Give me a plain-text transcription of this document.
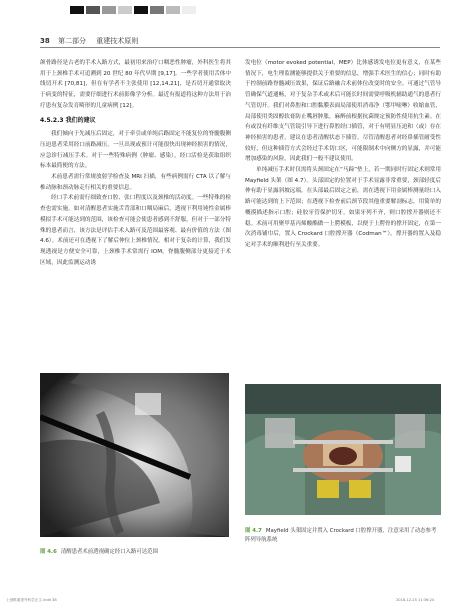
38 第二部分 重建技术原则

颌骨路径是古老的手术入路方式，最初用来治疗口咽恶性肿瘤，外科医生将其用于上颈椎手术可追溯到 20 世纪 80 年代早期 [9,17]。一些学者使用舌体中线切开术 [70,81]，但在有学者不主张使用 [12,14,21]，是否切开通常取决于病变的特征，需要仔细进行术前影像学分析。最近有报道将这种方法用于治疗患有复杂发育畸形的儿童病例 [12]。

4.5.2.3 我们的建议

我们倾向于先减压后固定，对于牵引或单纯后路固定不能复位的脊髓腹侧压迫患者采用经口前路减压。一旦出现或预计可能很快出现神经损害的情况，应急诊行减压手术。对于一些特殊病例（肿瘤、感染），经口活检是获取组织标本最简便的方法。

术前患者需行常规放射学检查及 MRI 扫描，有些病例需行 CTA 以了解与椎动脉和颈动脉走行相关的重要信息。

经口手术前需行细致查口腔、张口程度以及颈椎的活动度。一些特殊的检查也需实施，如对清醒患者实施舌背部和口咽局麻后，透视下利用钝性金属棒模拟手术可能达到的范围，该检查可能会使患者感到不舒服，但对于一部分特殊的患者而言，该方法是评估手术入路可及范围最客观、最有价值的方法（图 4.6）。术前还可在透视下了解后伸位上颈椎情况，相对于复杂的计算，我们发现透视是方便安全可靠，上颈椎手术常需行 IOM，脊髓腹侧部分更接近于术区域，因此监测运动诱

发电位（motor evoked potential，MEP）比体感诱发电位更有意义，在某些情况下，电生理监测能够提供关于重要的信息，增强手术医生的信心；同时有助于控制前路脊髓减压效果，保证后路融合术前体位改变时的安全。可通过气管导管确保气道通畅，对于复杂手术或术后可能长时间需要呼吸机辅助通气的患者行气管切开。我们对鼻腔和口腔黏膜表面局部使用消毒净（鄂甲嘧啉）收缩血管，局部使用类固醇软膏防止嘴唇肿胀，麻醉前根据抗菌规定预防性使用抗生素。在有或没有纤维支气管镜引导下进行鼻腔经口插管，对于有明显压迫和（或）存在神经损害的患者，建议在患者清醒状态下插管。尽管清醒患者对经鼻插管耐受性较好，但这种插管方式会经过手术切口区，可能限制术中向侧方的显露，并可能增加感染的风险，因此我们一般不建议使用。

单纯减压手术时仅需将头颈固定在“马蹄”垫上，若一期同时行固定术则常用 Mayfield 头架（图 4.7）。头部固定的位置对于手术显露非常重要，颈部轻度后伸有助于显露斜坡远端，在头部最后固定之前，需在透视下用金属棒测量经口入路可能达到的上下范围；在透视下检查前后颈节段其他重要解剖标志，用简单的概摸描述指示口腔；硅胶牙管保护切牙，如果牙列不齐，则口腔撑开器则还不稳。术前可用聚甲基丙烯酸酯做一上腭模板，以便于上腭骨的撑开固定，在第一次消毒铺巾后，置入 Crockard 口腔撑开器（Codman™），撑开器的置入及稳定对手术的顺利进行至关重要。

图 4.6 清醒患者术前透视确定经口入路可达范围
图 4.7 Mayfield 头架固定并置入 Crockard 口腔撑开器，注意采用了动态参考阵列导航系统
上颈椎重建外科学正文.indd 38	2018-12-25 11:36:24
